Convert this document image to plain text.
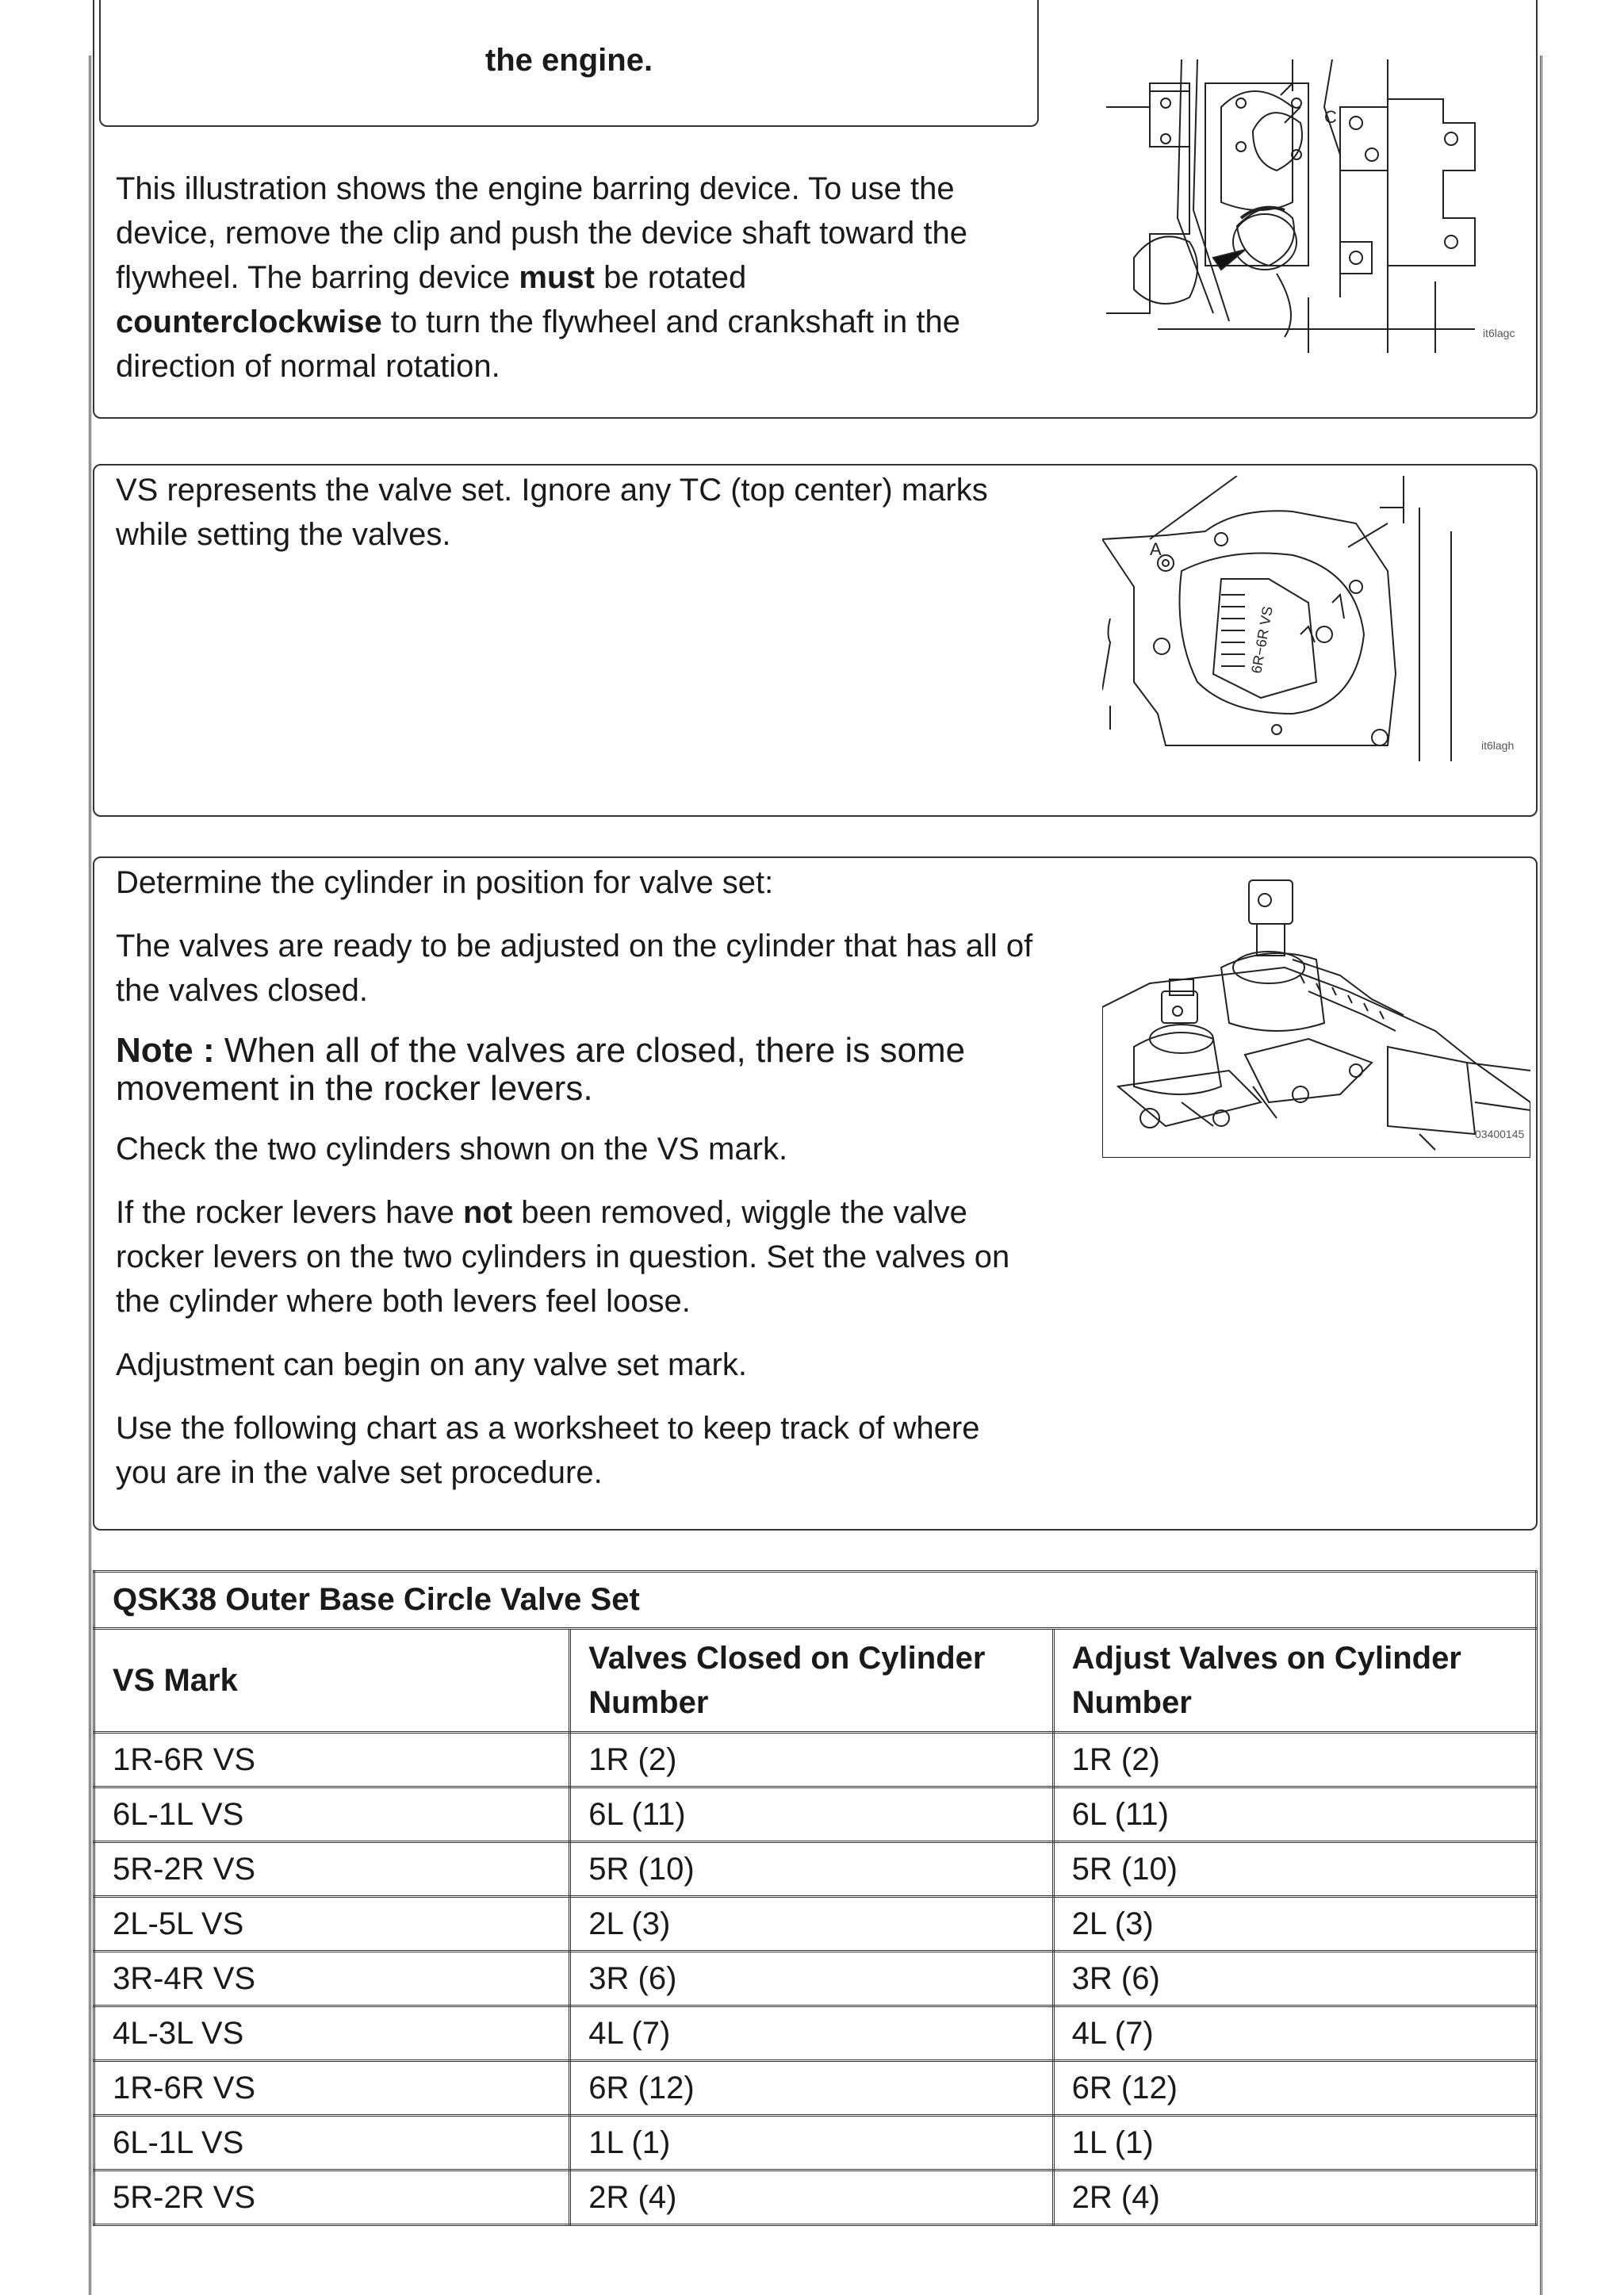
the engine.

This illustration shows the engine barring device. To use the device, remove the clip and push the device shaft toward the flywheel. The barring device must be rotated
counterclockwise to turn the flywheel and crankshaft in the direction of normal rotation.

C
it6lagc
VS represents the valve set. Ignore any TC (top center) marks while setting the valves.	A
6R−6R VS
it6lagh

Determine the cylinder in position for valve set:

The valves are ready to be adjusted on the cylinder that has all of the valves closed.

Note : When all of the valves are closed, there is some movement in the rocker levers.

Check the two cylinders shown on the VS mark.

If the rocker levers have not been removed, wiggle the valve rocker levers on the two cylinders in question. Set the valves on the cylinder where both levers feel loose.

Adjustment can begin on any valve set mark.

Use the following chart as a worksheet to keep track of where you are in the valve set procedure.

03400145
QSK38 Outer Base Circle Valve Set		
VS Mark	Valves Closed on Cylinder Number	Adjust Valves on Cylinder Number
1R-6R VS	1R (2)	1R (2)
6L-1L VS	6L (11)	6L (11)
5R-2R VS	5R (10)	5R (10)
2L-5L VS	2L (3)	2L (3)
3R-4R VS	3R (6)	3R (6)
4L-3L VS	4L (7)	4L (7)
1R-6R VS	6R (12)	6R (12)
6L-1L VS	1L (1)	1L (1)
5R-2R VS	2R (4)	2R (4)
